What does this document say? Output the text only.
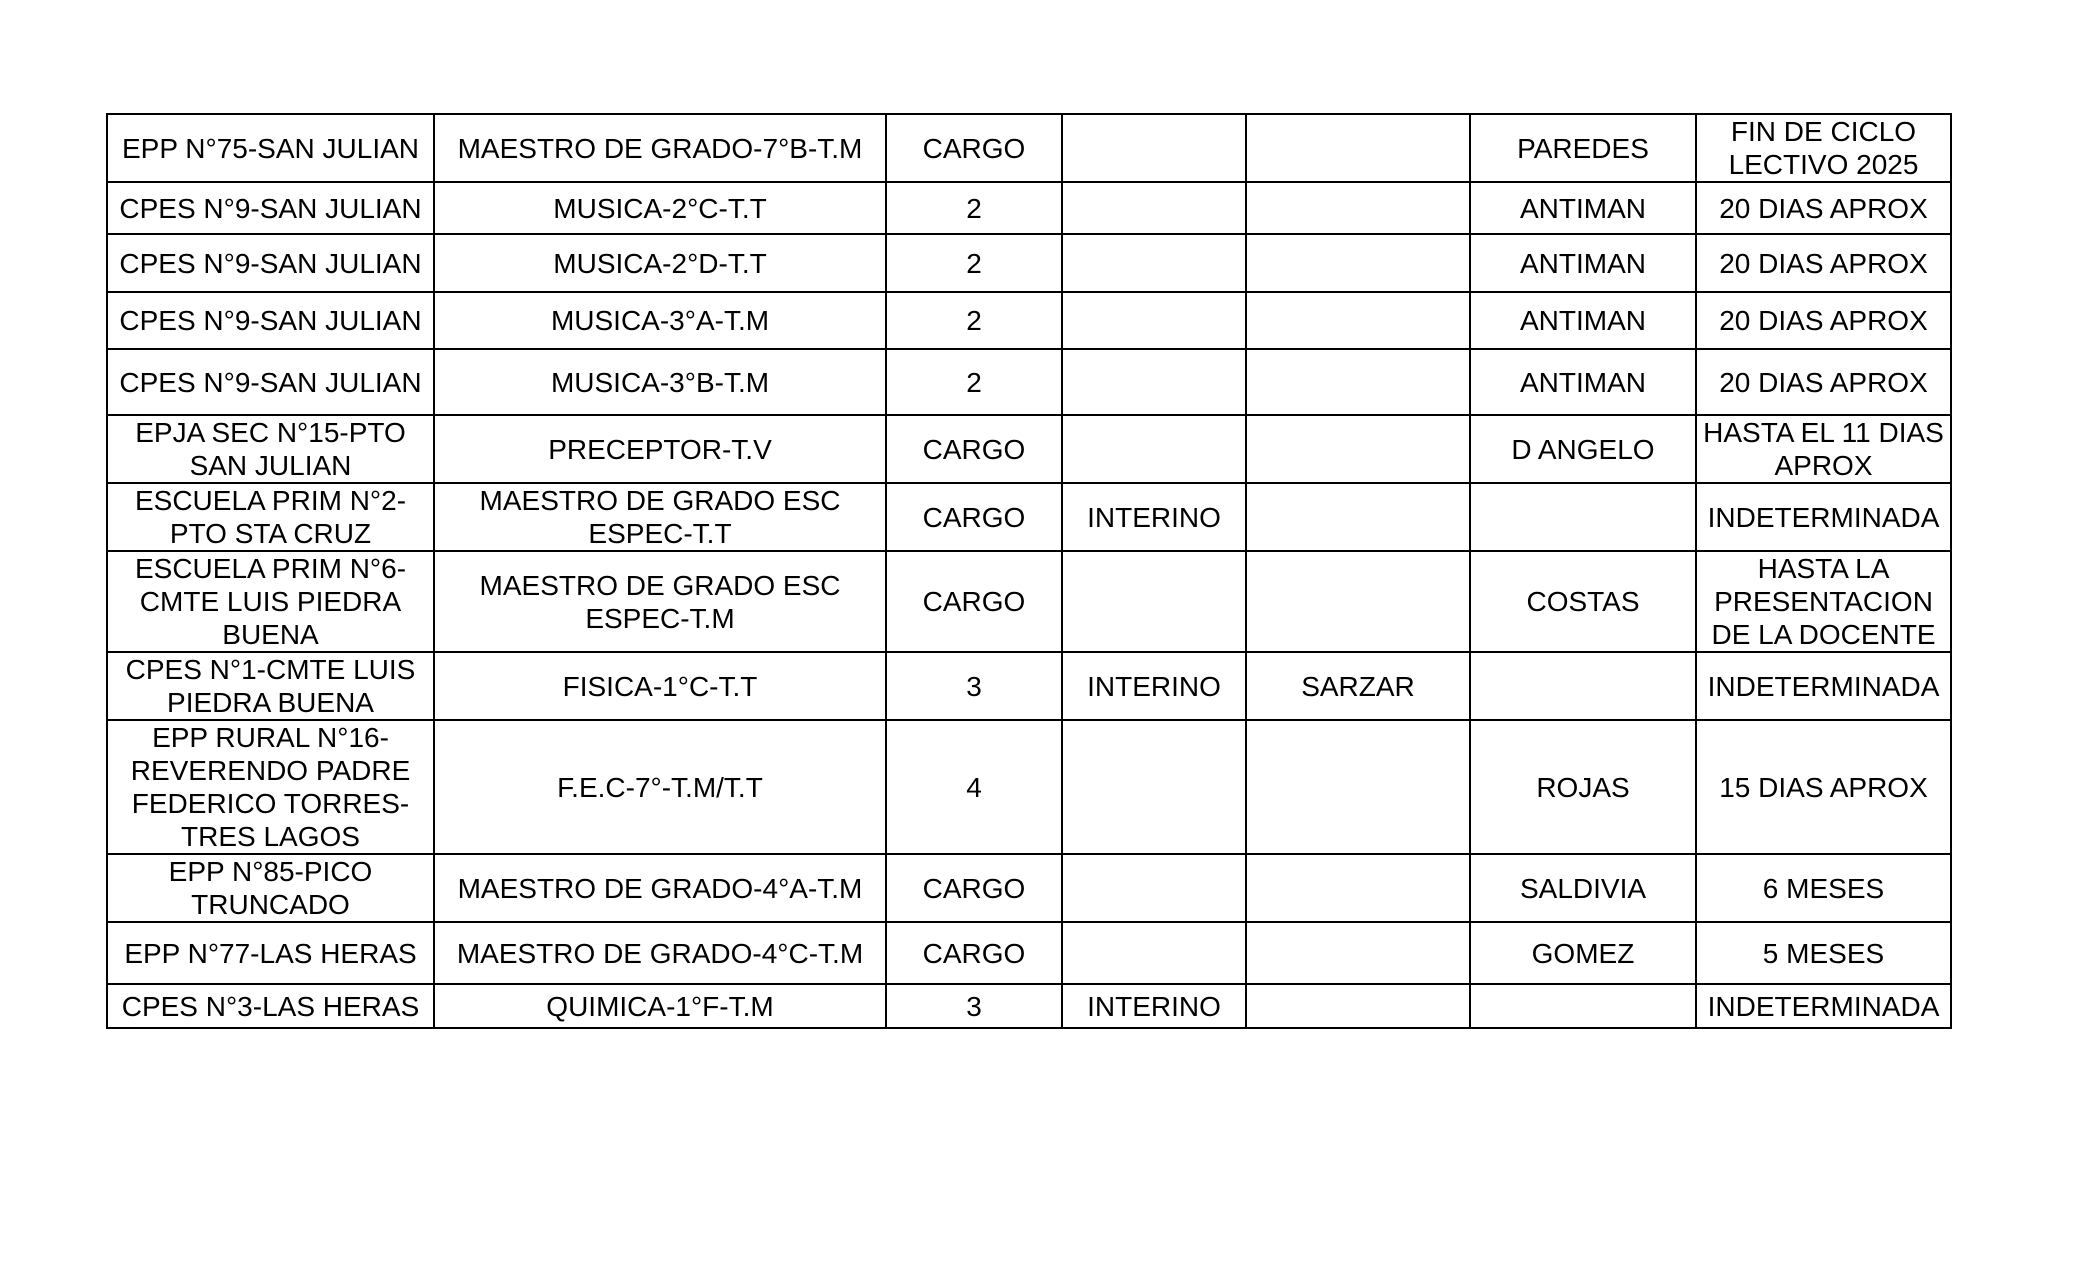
EPP N°75-SAN JULIAN	MAESTRO DE GRADO-7°B-T.M	CARGO			PAREDES	FIN DE CICLO
LECTIVO 2025
CPES N°9-SAN JULIAN	MUSICA-2°C-T.T	2			ANTIMAN	20 DIAS APROX
CPES N°9-SAN JULIAN	MUSICA-2°D-T.T	2			ANTIMAN	20 DIAS APROX
CPES N°9-SAN JULIAN	MUSICA-3°A-T.M	2			ANTIMAN	20 DIAS APROX
CPES N°9-SAN JULIAN	MUSICA-3°B-T.M	2			ANTIMAN	20 DIAS APROX
EPJA SEC N°15-PTO
SAN JULIAN	PRECEPTOR-T.V	CARGO			D ANGELO	HASTA EL 11 DIAS
APROX
ESCUELA PRIM N°2-
PTO STA CRUZ	MAESTRO DE GRADO ESC
ESPEC-T.T	CARGO	INTERINO			INDETERMINADA
ESCUELA PRIM N°6-
CMTE LUIS PIEDRA
BUENA	MAESTRO DE GRADO ESC
ESPEC-T.M	CARGO			COSTAS	HASTA LA
PRESENTACION
DE LA DOCENTE
CPES N°1-CMTE LUIS
PIEDRA BUENA	FISICA-1°C-T.T	3	INTERINO	SARZAR		INDETERMINADA
EPP RURAL N°16-
REVERENDO PADRE
FEDERICO TORRES-
TRES LAGOS	F.E.C-7°-T.M/T.T	4			ROJAS	15 DIAS APROX
EPP N°85-PICO
TRUNCADO	MAESTRO DE GRADO-4°A-T.M	CARGO			SALDIVIA	6 MESES
EPP N°77-LAS HERAS	MAESTRO DE GRADO-4°C-T.M	CARGO			GOMEZ	5 MESES
CPES N°3-LAS HERAS	QUIMICA-1°F-T.M	3	INTERINO			INDETERMINADA
